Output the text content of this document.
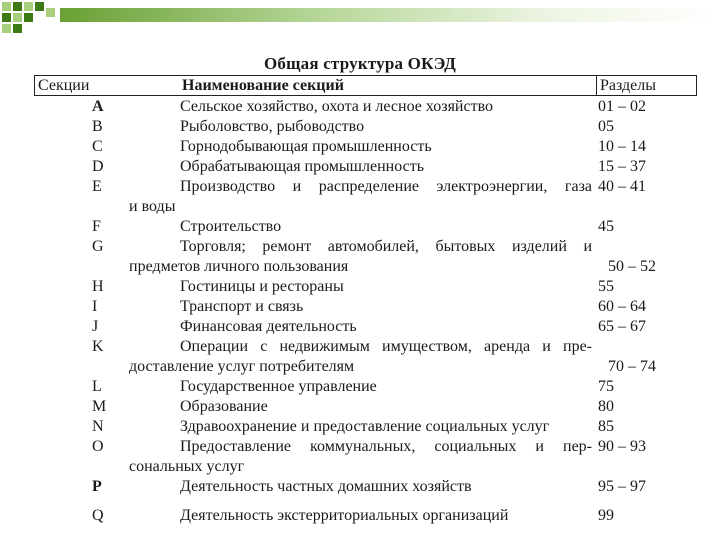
Общая структура ОКЭД
Секции	Наименование секций	Разделы
A	Сельское хозяйство, охота и лесное хозяйство	01 – 02
B	Рыболовство, рыбоводство	05
C	Горнодобывающая промышленность	10 – 14
D	Обрабатывающая промышленность	15 – 37
E	Производство и распределение электроэнергии, газа 40 – 41
и воды
F	Строительство	45
G	Торговля; ремонт автомобилей, бытовых изделий и
предметов личного пользования	50 – 52
H	Гостиницы и рестораны	55
I	Транспорт и связь	60 – 64
J	Финансовая деятельность	65 – 67
K	Операции с недвижимым имуществом, аренда и пре-
доставление услуг потребителям	70 – 74
L	Государственное управление	75
M	Образование	80
N	Здравоохранение и предоставление социальных услуг	85
O	Предоставление коммунальных, социальных и пер- 90 – 93
сональных услуг
P	Деятельность частных домашних хозяйств	95 – 97
Q	Деятельность экстерриториальных организаций	99
